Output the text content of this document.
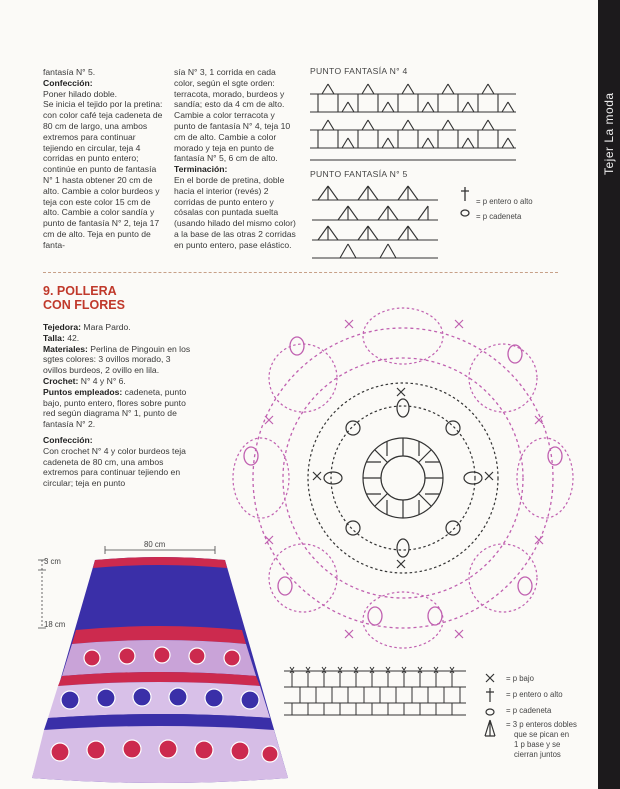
Tejer La moda

fantasía N° 5.

Confección:

Poner hilado doble.

Se inicia el tejido por la pretina: con color café teja cadeneta de 80 cm de largo, una ambos extremos para continuar tejiendo en circular, teja 4 corridas en punto entero; continúe en punto de fantasía N° 1 hasta obtener 20 cm de alto. Cambie a color burdeos y teja con este color 15 cm de alto. Cambie a color sandía y punto de fantasía N° 2, teja 17 cm de alto. Teja en punto de fanta-

sía N° 3, 1 corrida en cada color, según el sgte orden: terracota, morado, burdeos y sandía; esto da 4 cm de alto. Cambie a color terracota y punto de fantasía N° 4, teja 10 cm de alto. Cambie a color morado y teja en punto de fantasía N° 5, 6 cm de alto.

Terminación:

En el borde de pretina, doble hacia el interior (revés) 2 corridas de punto entero y cósalas con puntada suelta (usando hilado del mismo color) a la base de las otras 2 corridas en punto entero, pase elástico.

PUNTO FANTASÍA N° 4
PUNTO FANTASÍA N° 5
= p entero o alto
= p cadeneta
9. POLLERA
CON FLORES

Tejedora: Mara Pardo.

Talla: 42.

Materiales: Perlina de Pingouin en los sgtes colores: 3 ovillos morado, 3 ovillos burdeos, 2 ovillo en lila.

Crochet: N° 4 y N° 6.

Puntos empleados: cadeneta, punto bajo, punto entero, flores sobre punto red según diagrama N° 1, punto de fantasía N° 2.

Confección:

Con crochet N° 4 y color burdeos teja cadeneta de 80 cm, una ambos extremos para continuar tejiendo en circular; teja en punto

80 cm
3 cm
18 cm
= p bajo
= p entero o alto
= p cadeneta
= 3 p enteros dobles
que se pican en
1 p base y se
cierran juntos
